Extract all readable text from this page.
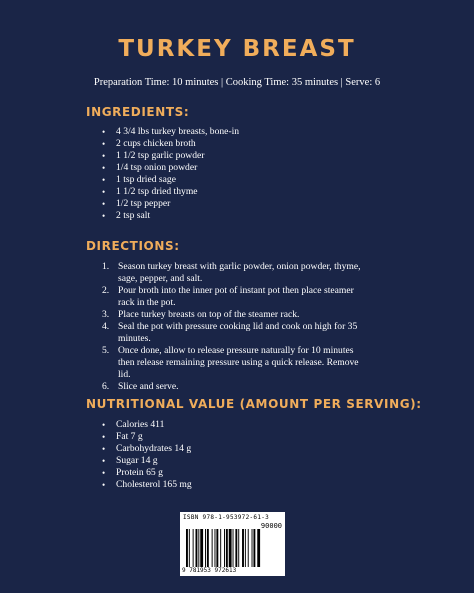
TURKEY BREAST
Preparation Time: 10 minutes | Cooking Time: 35 minutes | Serve: 6
INGREDIENTS:
• 4 3/4 lbs turkey breasts, bone-in
• 2 cups chicken broth
• 1 1/2 tsp garlic powder
• 1/4 tsp onion powder
• 1 tsp dried sage
• 1 1/2 tsp dried thyme
• 1/2 tsp pepper
• 2 tsp salt
DIRECTIONS:
1. Season turkey breast with garlic powder, onion powder, thyme, sage, pepper, and salt.
2. Pour broth into the inner pot of instant pot then place steamer rack in the pot.
3. Place turkey breasts on top of the steamer rack.
4. Seal the pot with pressure cooking lid and cook on high for 35 minutes.
5. Once done, allow to release pressure naturally for 10 minutes then release remaining pressure using a quick release. Remove lid.
6. Slice and serve.
NUTRITIONAL VALUE (AMOUNT PER SERVING):
• Calories 411
• Fat 7 g
• Carbohydrates 14 g
• Sugar 14 g
• Protein 65 g
• Cholesterol 165 mg
ISBN 978-1-953972-61-3
90000
9 781953 972613
